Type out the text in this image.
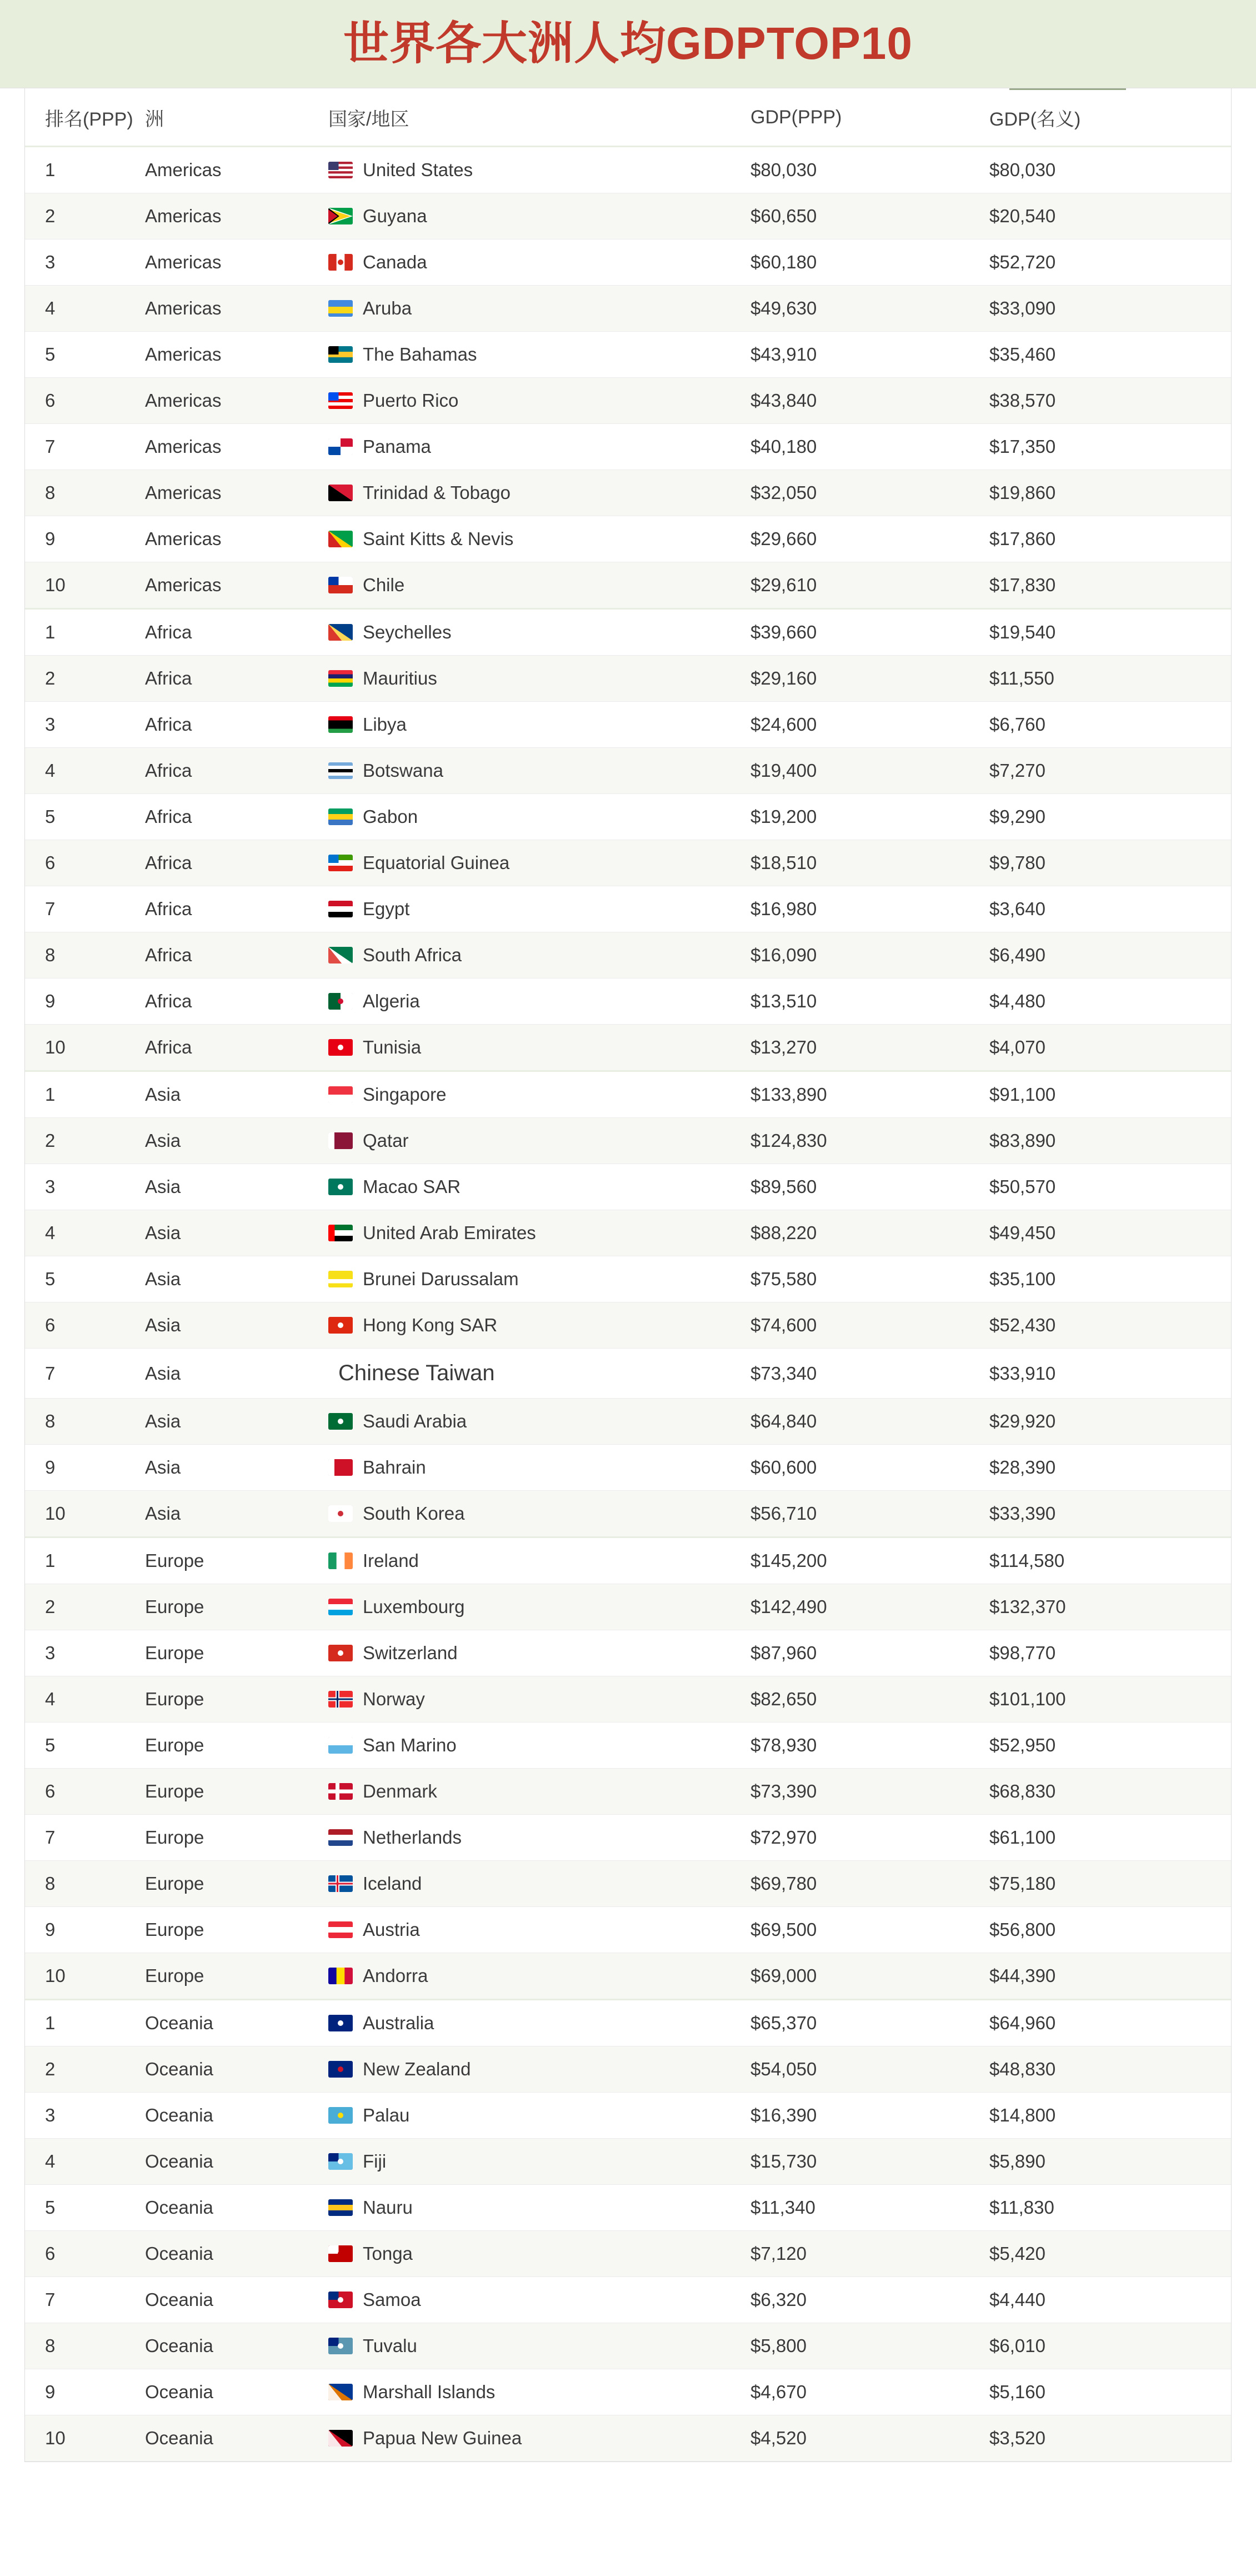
世界各大洲人均GDPTOP10
排名(PPP)	洲	国家/地区	GDP(PPP)	GDP(名义)
1	Americas	United States	$80,030	$80,030
2	Americas	Guyana	$60,650	$20,540
3	Americas	Canada	$60,180	$52,720
4	Americas	Aruba	$49,630	$33,090
5	Americas	The Bahamas	$43,910	$35,460
6	Americas	Puerto Rico	$43,840	$38,570
7	Americas	Panama	$40,180	$17,350
8	Americas	Trinidad & Tobago	$32,050	$19,860
9	Americas	Saint Kitts & Nevis	$29,660	$17,860
10	Americas	Chile	$29,610	$17,830
1	Africa	Seychelles	$39,660	$19,540
2	Africa	Mauritius	$29,160	$11,550
3	Africa	Libya	$24,600	$6,760
4	Africa	Botswana	$19,400	$7,270
5	Africa	Gabon	$19,200	$9,290
6	Africa	Equatorial Guinea	$18,510	$9,780
7	Africa	Egypt	$16,980	$3,640
8	Africa	South Africa	$16,090	$6,490
9	Africa	Algeria	$13,510	$4,480
10	Africa	Tunisia	$13,270	$4,070
1	Asia	Singapore	$133,890	$91,100
2	Asia	Qatar	$124,830	$83,890
3	Asia	Macao SAR	$89,560	$50,570
4	Asia	United Arab Emirates	$88,220	$49,450
5	Asia	Brunei Darussalam	$75,580	$35,100
6	Asia	Hong Kong SAR	$74,600	$52,430
7	Asia	Chinese Taiwan	$73,340	$33,910
8	Asia	Saudi Arabia	$64,840	$29,920
9	Asia	Bahrain	$60,600	$28,390
10	Asia	South Korea	$56,710	$33,390
1	Europe	Ireland	$145,200	$114,580
2	Europe	Luxembourg	$142,490	$132,370
3	Europe	Switzerland	$87,960	$98,770
4	Europe	Norway	$82,650	$101,100
5	Europe	San Marino	$78,930	$52,950
6	Europe	Denmark	$73,390	$68,830
7	Europe	Netherlands	$72,970	$61,100
8	Europe	Iceland	$69,780	$75,180
9	Europe	Austria	$69,500	$56,800
10	Europe	Andorra	$69,000	$44,390
1	Oceania	Australia	$65,370	$64,960
2	Oceania	New Zealand	$54,050	$48,830
3	Oceania	Palau	$16,390	$14,800
4	Oceania	Fiji	$15,730	$5,890
5	Oceania	Nauru	$11,340	$11,830
6	Oceania	Tonga	$7,120	$5,420
7	Oceania	Samoa	$6,320	$4,440
8	Oceania	Tuvalu	$5,800	$6,010
9	Oceania	Marshall Islands	$4,670	$5,160
10	Oceania	Papua New Guinea	$4,520	$3,520
